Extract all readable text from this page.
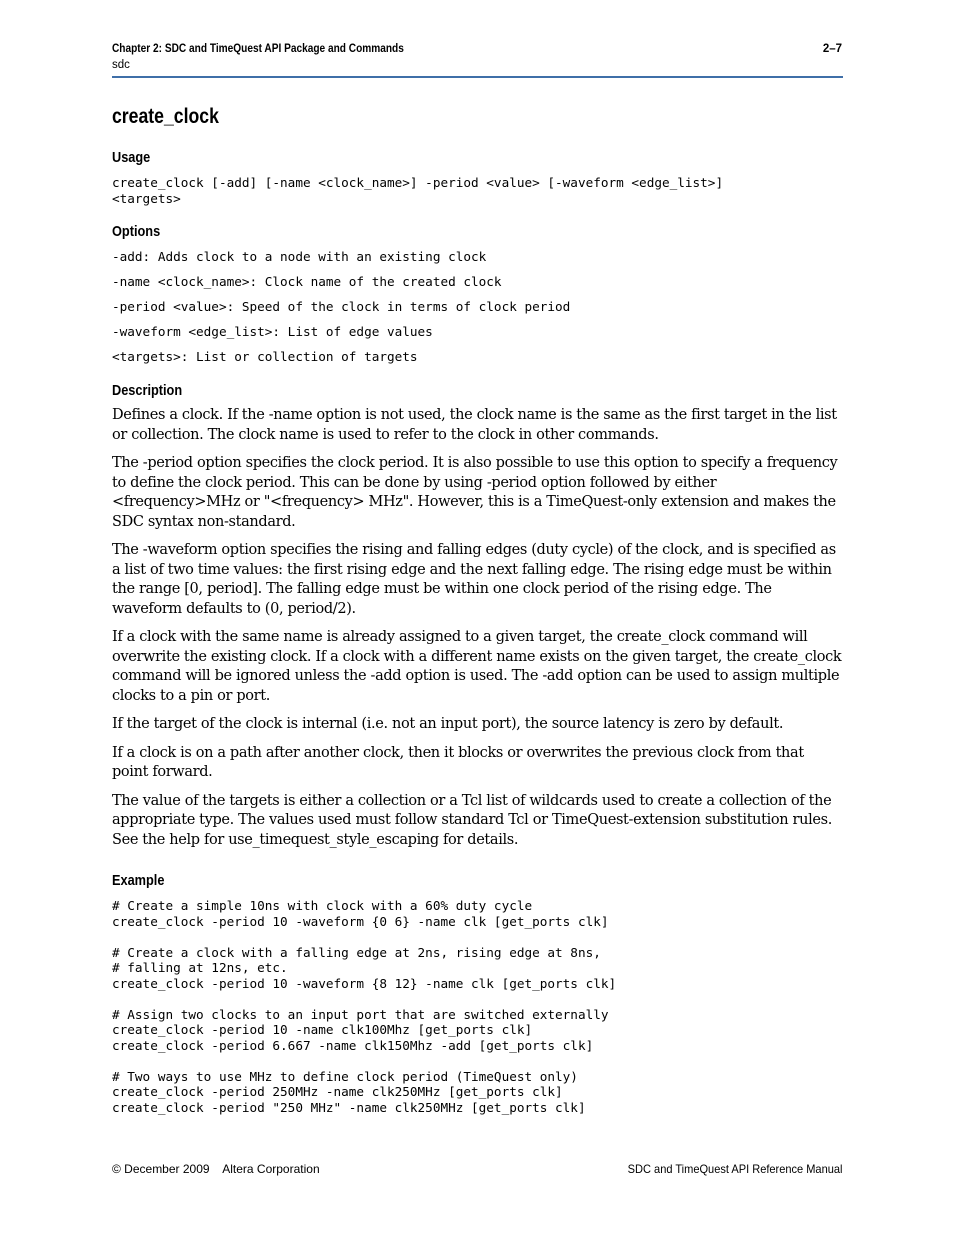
Chapter 2: SDC and TimeQuest API Package and Commands
sdc
2–7
create_clock
Usage
create_clock [-add] [-name <clock_name>] -period <value> [-waveform <edge_list>]
<targets>
Options
-add: Adds clock to a node with an existing clock
-name <clock_name>: Clock name of the created clock
-period <value>: Speed of the clock in terms of clock period
-waveform <edge_list>: List of edge values
<targets>: List or collection of targets
Description

Defines a clock. If the -name option is not used, the clock name is the same as the first target in the list or collection. The clock name is used to refer to the clock in other commands.

The -period option specifies the clock period. It is also possible to use this option to specify a frequency to define the clock period. This can be done by using -period option followed by either <frequency>MHz or "<frequency> MHz". However, this is a TimeQuest-only extension and makes the SDC syntax non-standard.

The -waveform option specifies the rising and falling edges (duty cycle) of the clock, and is specified as a list of two time values: the first rising edge and the next falling edge. The rising edge must be within the range [0, period]. The falling edge must be within one clock period of the rising edge. The waveform defaults to (0, period/2).

If a clock with the same name is already assigned to a given target, the create_clock command will overwrite the existing clock. If a clock with a different name exists on the given target, the create_clock command will be ignored unless the -add option is used. The -add option can be used to assign multiple clocks to a pin or port.

If the target of the clock is internal (i.e. not an input port), the source latency is zero by default.

If a clock is on a path after another clock, then it blocks or overwrites the previous clock from that point forward.

The value of the targets is either a collection or a Tcl list of wildcards used to create a collection of the appropriate type. The values used must follow standard Tcl or TimeQuest-extension substitution rules. See the help for use_timequest_style_escaping for details.

Example
# Create a simple 10ns with clock with a 60% duty cycle
create_clock -period 10 -waveform {0 6} -name clk [get_ports clk]

# Create a clock with a falling edge at 2ns, rising edge at 8ns,
# falling at 12ns, etc.
create_clock -period 10 -waveform {8 12} -name clk [get_ports clk]

# Assign two clocks to an input port that are switched externally
create_clock -period 10 -name clk100Mhz [get_ports clk]
create_clock -period 6.667 -name clk150Mhz -add [get_ports clk]

# Two ways to use MHz to define clock period (TimeQuest only)
create_clock -period 250MHz -name clk250MHz [get_ports clk]
create_clock -period "250 MHz" -name clk250MHz [get_ports clk]
© December 2009    Altera Corporation	SDC and TimeQuest API Reference Manual
